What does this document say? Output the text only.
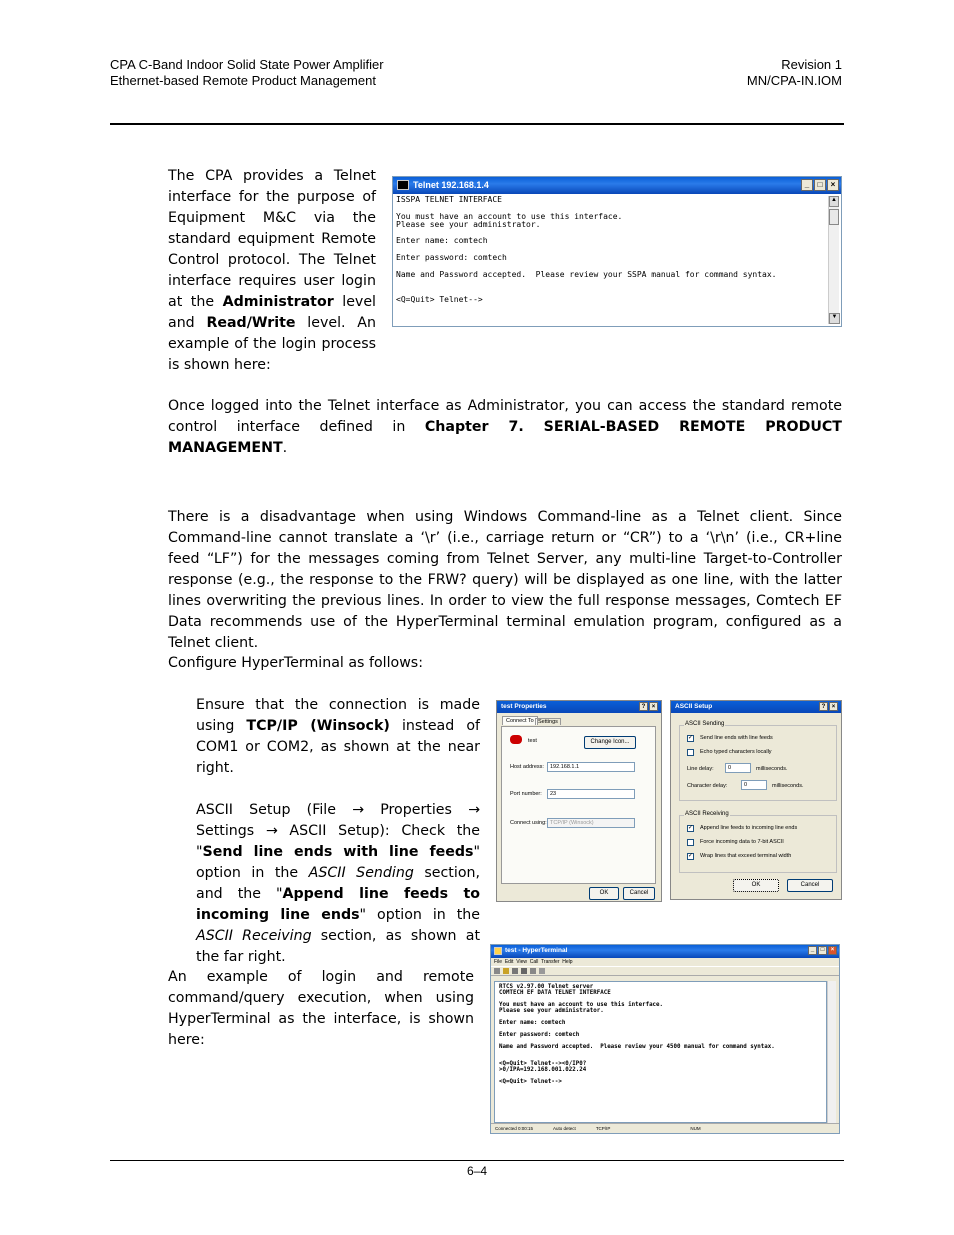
CPA C-Band Indoor Solid State Power Amplifier
Ethernet-based Remote Product Management
Revision 1
MN/CPA-IN.IOM
The CPA provides a Telnet interface for the purpose of Equipment M&C via the standard equipment Remote Control protocol. The Telnet interface requires user login at the Administrator level and Read/Write level. An example of the login process is shown here:
Telnet 192.168.1.4	_	□	×
ISSPA TELNET INTERFACE

You must have an account to use this interface.
Please see your administrator.

Enter name: comtech

Enter password: comtech

Name and Password accepted.  Please review your SSPA manual for command syntax.

<Q=Quit> Telnet-->
▲
▼
Once logged into the Telnet interface as Administrator, you can access the standard remote control interface defined in Chapter 7. SERIAL-BASED REMOTE PRODUCT MANAGEMENT.
There is a disadvantage when using Windows Command-line as a Telnet client. Since Command-line cannot translate a ‘\r’ (i.e., carriage return or “CR”) to a ‘\r\n’ (i.e., CR+line feed “LF”) for the messages coming from Telnet Server, any multi-line Target-to-Controller response (e.g., the response to the FRW? query) will be displayed as one line, with the latter lines overwriting the previous lines. In order to view the full response messages, Comtech EF Data recommends use of the HyperTerminal terminal emulation program, configured as a Telnet client.
Configure HyperTerminal as follows:
Ensure that the connection is made using TCP/IP (Winsock) instead of COM1 or COM2, as shown at the near right.
ASCII Setup (File → Properties → Settings → ASCII Setup): Check the "Send line ends with line feeds" option in the ASCII Sending section, and the "Append line feeds to incoming line ends" option in the ASCII Receiving section, as shown at the far right.
An example of login and remote command/query execution, when using HyperTerminal as the interface, is shown here:
test Properties	?	×
Connect To Settings
test	Change Icon...
Host address:	192.168.1.1
Port number:	23
Connect using: TCP/IP (Winsock)
OK	Cancel
ASCII Setup	?	×
ASCII Sending
✓ Send line ends with line feeds
Echo typed characters locally
Line delay:	0	milliseconds.
Character delay:	0	milliseconds.
ASCII Receiving
✓ Append line feeds to incoming line ends
Force incoming data to 7-bit ASCII
✓ Wrap lines that exceed terminal width
OK	Cancel
test - HyperTerminal	_	□	×
File  Edit  View  Call  Transfer  Help
RTCS v2.97.00 Telnet server
COMTECH EF DATA TELNET INTERFACE

You must have an account to use this interface.
Please see your administrator.

Enter name: comtech

Enter password: comtech

Name and Password accepted.  Please review your 4500 manual for command syntax.

<Q=Quit> Telnet--><0/IP0?
>0/IPA=192.168.001.022.24

<Q=Quit> Telnet-->
Connected 0:00:15	Auto detect	TCP/IP	NUM
6–4
